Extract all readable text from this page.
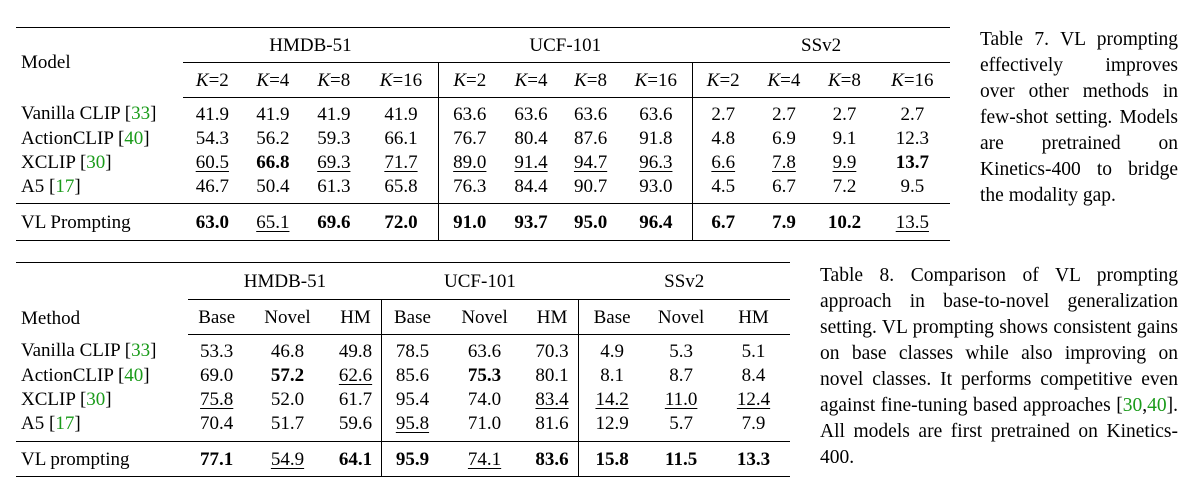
Model	HMDB-51				UCF-101				SSv2			
	K=2	K=4	K=8	K=16	K=2	K=4	K=8	K=16	K=2	K=4	K=8	K=16
Vanilla CLIP [33]	41.9	41.9	41.9	41.9	63.6	63.6	63.6	63.6	2.7	2.7	2.7	2.7
ActionCLIP [40]	54.3	56.2	59.3	66.1	76.7	80.4	87.6	91.8	4.8	6.9	9.1	12.3
XCLIP [30]	60.5	66.8	69.3	71.7	89.0	91.4	94.7	96.3	6.6	7.8	9.9	13.7
A5 [17]	46.7	50.4	61.3	65.8	76.3	84.4	90.7	93.0	4.5	6.7	7.2	9.5
VL Prompting	63.0	65.1	69.6	72.0	91.0	93.7	95.0	96.4	6.7	7.9	10.2	13.5
Table 7. VL prompting effectively improves over other methods in few-shot setting. Models are pretrained on Kinetics-400 to bridge the modality gap.
Method	HMDB-51			UCF-101			SSv2		
	Base	Novel	HM	Base	Novel	HM	Base	Novel	HM
Vanilla CLIP [33]	53.3	46.8	49.8	78.5	63.6	70.3	4.9	5.3	5.1
ActionCLIP [40]	69.0	57.2	62.6	85.6	75.3	80.1	8.1	8.7	8.4
XCLIP [30]	75.8	52.0	61.7	95.4	74.0	83.4	14.2	11.0	12.4
A5 [17]	70.4	51.7	59.6	95.8	71.0	81.6	12.9	5.7	7.9
VL prompting	77.1	54.9	64.1	95.9	74.1	83.6	15.8	11.5	13.3
Table 8. Comparison of VL prompting approach in base-to-novel generalization setting. VL prompting shows consistent gains on base classes while also improving on novel classes. It performs competitive even against fine-tuning based approaches [30,40]. All models are first pretrained on Kinetics-400.
